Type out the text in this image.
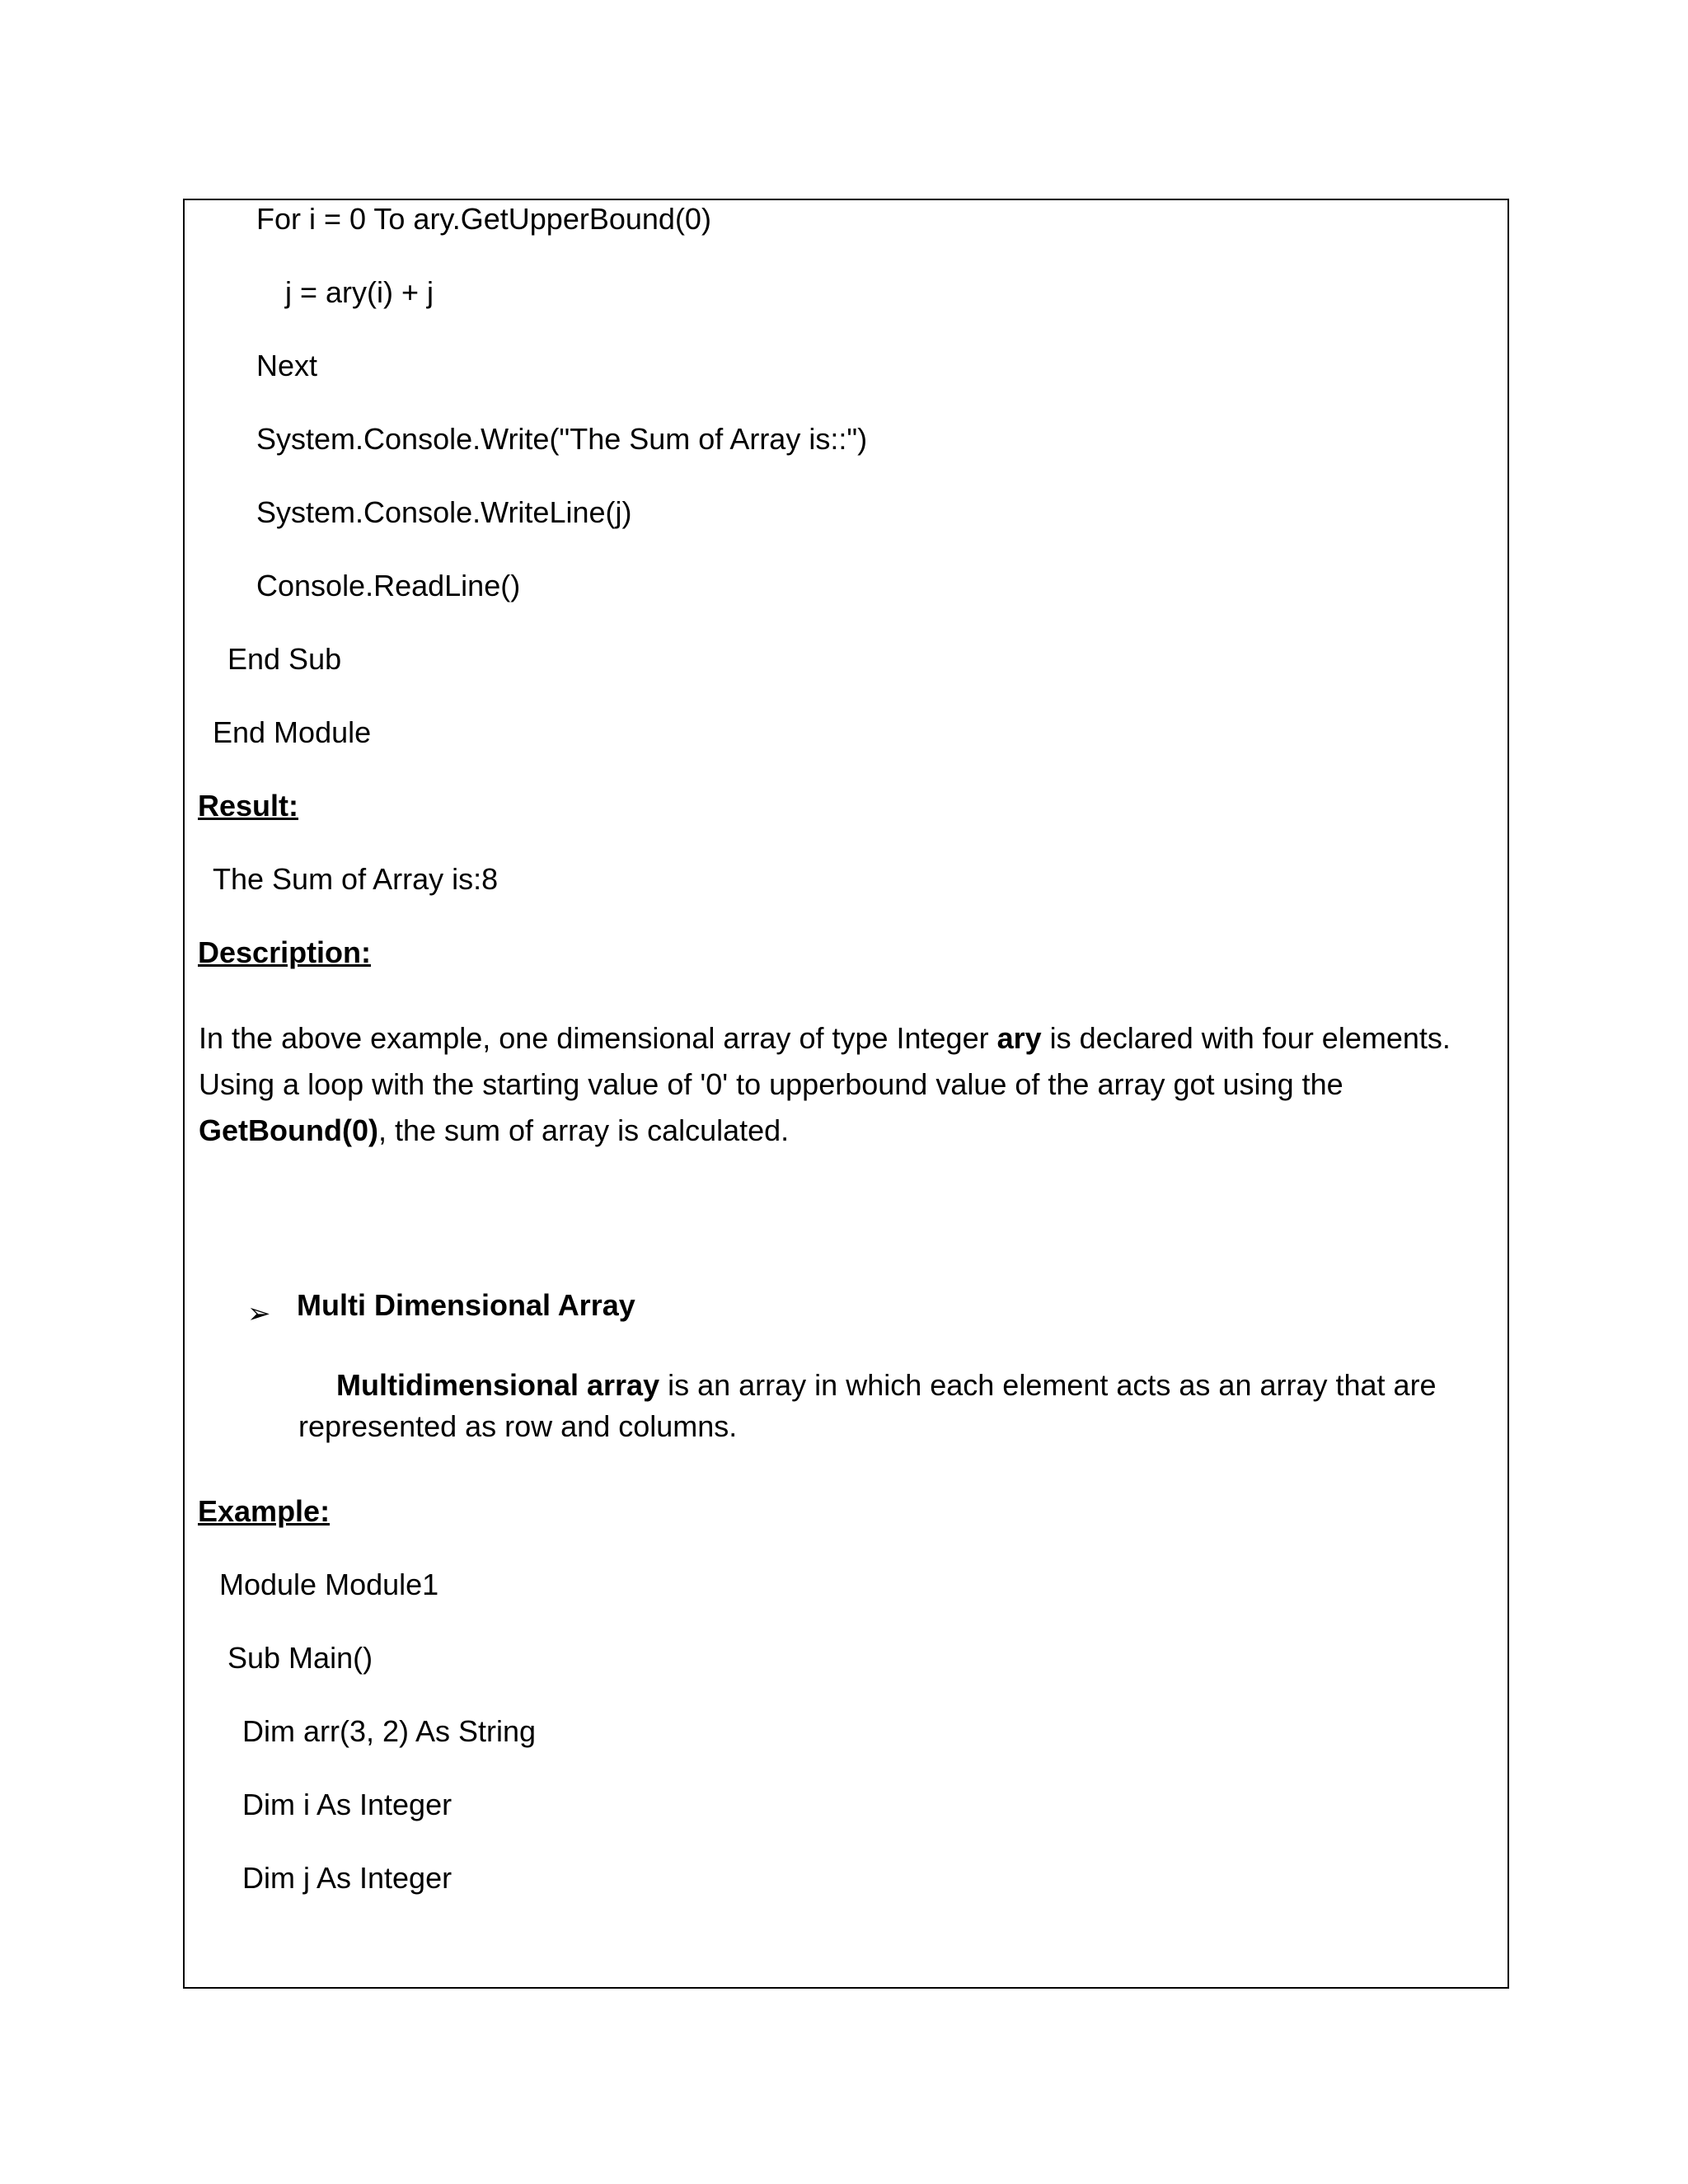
For i = 0 To ary.GetUpperBound(0)
j = ary(i) + j
Next
System.Console.Write("The Sum of Array is::")
System.Console.WriteLine(j)
Console.ReadLine()
End Sub
End Module
Result:
The Sum of Array is:8
Description:
In the above example, one dimensional array of type Integer ary is declared with four elements. Using a loop with the starting value of '0' to upperbound value of the array got using the GetBound(0), the sum of array is calculated.
➢ Multi Dimensional Array
Multidimensional array is an array in which each element acts as an array that are represented as row and columns.
Example:
Module Module1
Sub Main()
Dim arr(3, 2) As String
Dim i As Integer
Dim j As Integer
